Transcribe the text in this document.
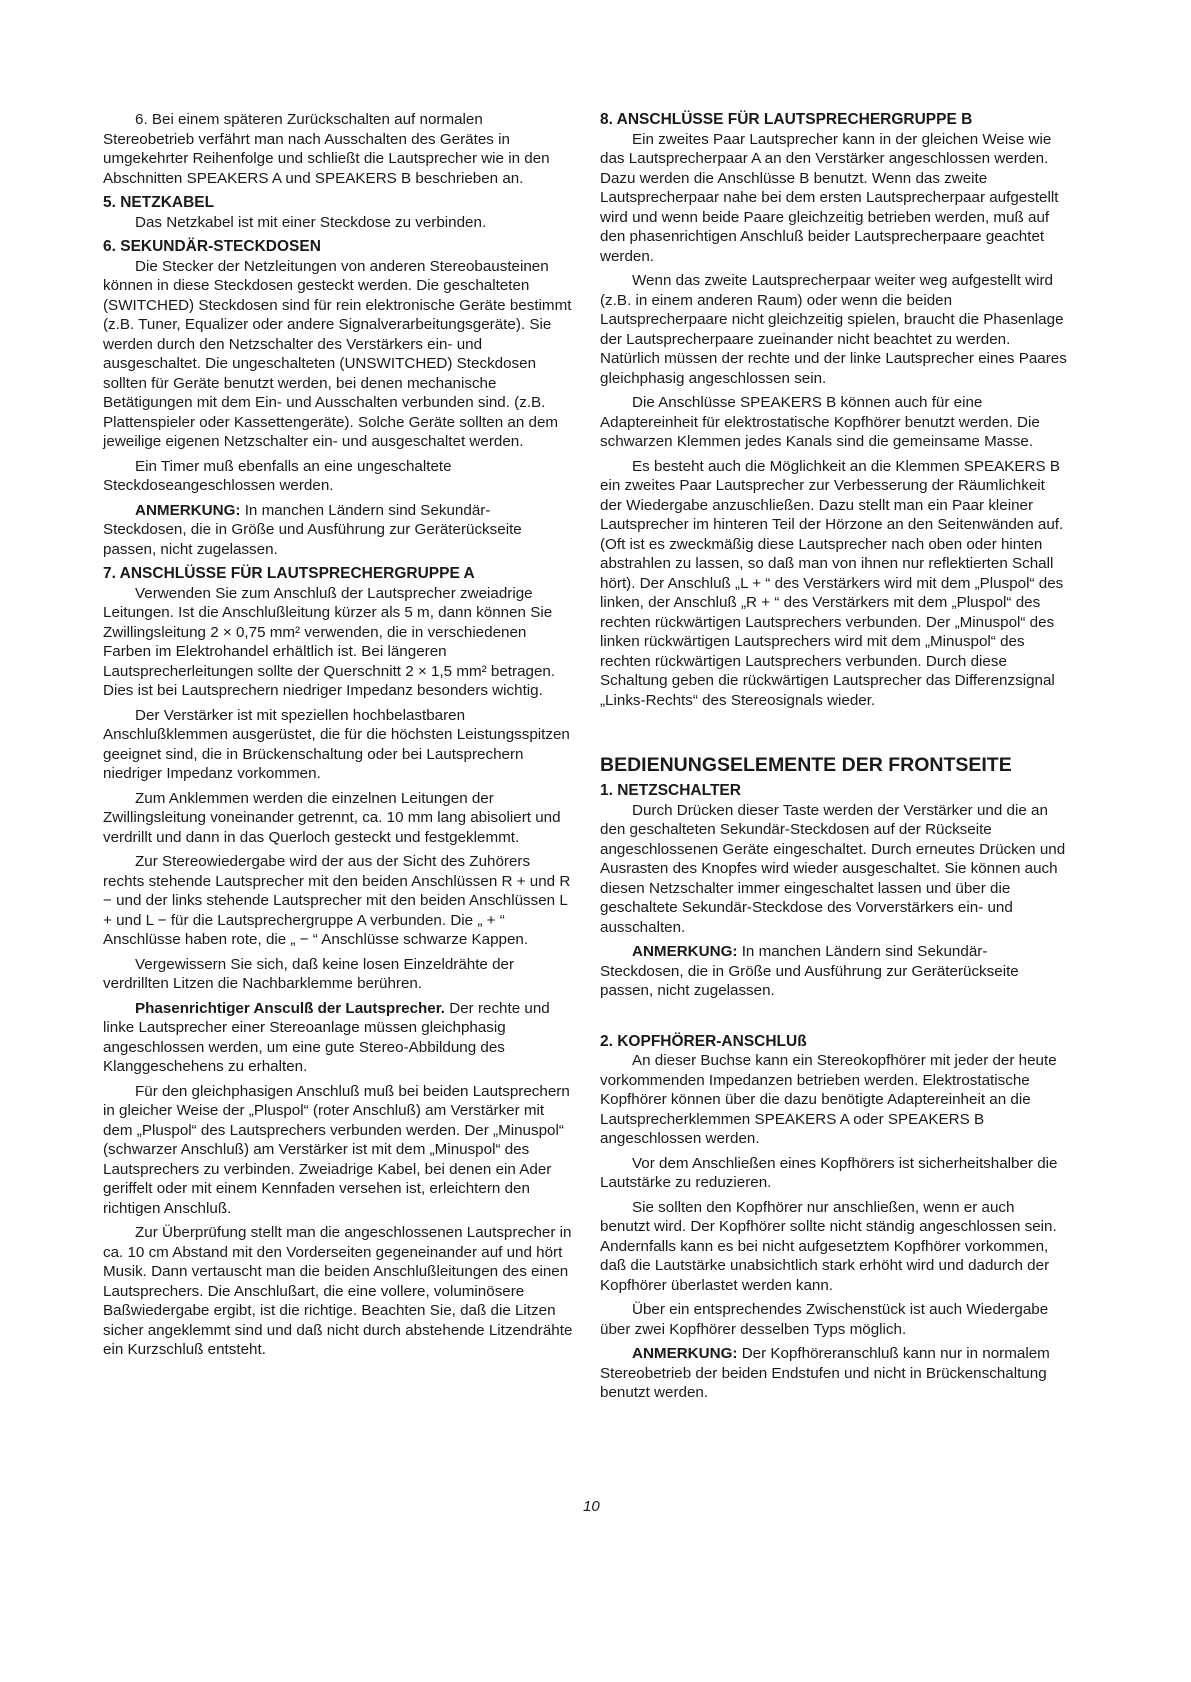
6. Bei einem späteren Zurückschalten auf normalen Stereobetrieb verfährt man nach Ausschalten des Gerätes in umgekehrter Reihenfolge und schließt die Lautsprecher wie in den Abschnitten SPEAKERS A und SPEAKERS B beschrieben an.

5. NETZKABEL

Das Netzkabel ist mit einer Steckdose zu verbinden.

6. SEKUNDÄR-STECKDOSEN

Die Stecker der Netzleitungen von anderen Stereobausteinen können in diese Steckdosen gesteckt werden. Die geschalteten (SWITCHED) Steckdosen sind für rein elektronische Geräte bestimmt (z.B. Tuner, Equalizer oder andere Signalverarbeitungsgeräte). Sie werden durch den Netzschalter des Verstärkers ein- und ausgeschaltet. Die ungeschalteten (UNSWITCHED) Steckdosen sollten für Geräte benutzt werden, bei denen mechanische Betätigungen mit dem Ein- und Ausschalten verbunden sind. (z.B. Plattenspieler oder Kassettengeräte). Solche Geräte sollten an dem jeweilige eigenen Netzschalter ein- und ausgeschaltet werden.

Ein Timer muß ebenfalls an eine ungeschaltete Steckdoseangeschlossen werden.

ANMERKUNG: In manchen Ländern sind Sekundär-Steckdosen, die in Größe und Ausführung zur Geräterückseite passen, nicht zugelassen.

7. ANSCHLÜSSE FÜR LAUTSPRECHERGRUPPE A

Verwenden Sie zum Anschluß der Lautsprecher zweiadrige Leitungen. Ist die Anschlußleitung kürzer als 5 m, dann können Sie Zwillingsleitung 2 × 0,75 mm² verwenden, die in verschiedenen Farben im Elektrohandel erhältlich ist. Bei längeren Lautsprecherleitungen sollte der Querschnitt 2 × 1,5 mm² betragen. Dies ist bei Lautsprechern niedriger Impedanz besonders wichtig.

Der Verstärker ist mit speziellen hochbelastbaren Anschlußklemmen ausgerüstet, die für die höchsten Leistungsspitzen geeignet sind, die in Brückenschaltung oder bei Lautsprechern niedriger Impedanz vorkommen.

Zum Anklemmen werden die einzelnen Leitungen der Zwillingsleitung voneinander getrennt, ca. 10 mm lang abisoliert und verdrillt und dann in das Querloch gesteckt und festgeklemmt.

Zur Stereowiedergabe wird der aus der Sicht des Zuhörers rechts stehende Lautsprecher mit den beiden Anschlüssen R + und R − und der links stehende Lautsprecher mit den beiden Anschlüssen L + und L − für die Lautsprechergruppe A verbunden. Die „ + “ Anschlüsse haben rote, die „ − “ Anschlüsse schwarze Kappen.

Vergewissern Sie sich, daß keine losen Einzeldrähte der verdrillten Litzen die Nachbarklemme berühren.

Phasenrichtiger Ansculß der Lautsprecher. Der rechte und linke Lautsprecher einer Stereoanlage müssen gleichphasig angeschlossen werden, um eine gute Stereo-Abbildung des Klanggeschehens zu erhalten.

Für den gleichphasigen Anschluß muß bei beiden Lautsprechern in gleicher Weise der „Pluspol“ (roter Anschluß) am Verstärker mit dem „Pluspol“ des Lautsprechers verbunden werden. Der „Minuspol“ (schwarzer Anschluß) am Verstärker ist mit dem „Minuspol“ des Lautsprechers zu verbinden. Zweiadrige Kabel, bei denen ein Ader geriffelt oder mit einem Kennfaden versehen ist, erleichtern den richtigen Anschluß.

Zur Überprüfung stellt man die angeschlossenen Lautsprecher in ca. 10 cm Abstand mit den Vorderseiten gegeneinander auf und hört Musik. Dann vertauscht man die beiden Anschlußleitungen des einen Lautsprechers. Die Anschlußart, die eine vollere, voluminösere Baßwiedergabe ergibt, ist die richtige. Beachten Sie, daß die Litzen sicher angeklemmt sind und daß nicht durch abstehende Litzendrähte ein Kurzschluß entsteht.

8. ANSCHLÜSSE FÜR LAUTSPRECHERGRUPPE B

Ein zweites Paar Lautsprecher kann in der gleichen Weise wie das Lautsprecherpaar A an den Verstärker angeschlossen werden. Dazu werden die Anschlüsse B benutzt. Wenn das zweite Lautsprecherpaar nahe bei dem ersten Lautsprecherpaar aufgestellt wird und wenn beide Paare gleichzeitig betrieben werden, muß auf den phasenrichtigen Anschluß beider Lautsprecherpaare geachtet werden.

Wenn das zweite Lautsprecherpaar weiter weg aufgestellt wird (z.B. in einem anderen Raum) oder wenn die beiden Lautsprecherpaare nicht gleichzeitig spielen, braucht die Phasenlage der Lautsprecherpaare zueinander nicht beachtet zu werden. Natürlich müssen der rechte und der linke Lautsprecher eines Paares gleichphasig angeschlossen sein.

Die Anschlüsse SPEAKERS B können auch für eine Adaptereinheit für elektrostatische Kopfhörer benutzt werden. Die schwarzen Klemmen jedes Kanals sind die gemeinsame Masse.

Es besteht auch die Möglichkeit an die Klemmen SPEAKERS B ein zweites Paar Lautsprecher zur Verbesserung der Räumlichkeit der Wiedergabe anzuschließen. Dazu stellt man ein Paar kleiner Lautsprecher im hinteren Teil der Hörzone an den Seitenwänden auf. (Oft ist es zweckmäßig diese Lautsprecher nach oben oder hinten abstrahlen zu lassen, so daß man von ihnen nur reflektierten Schall hört). Der Anschluß „L + “ des Verstärkers wird mit dem „Pluspol“ des linken, der Anschluß „R + “ des Verstärkers mit dem „Pluspol“ des rechten rückwärtigen Lautsprechers verbunden. Der „Minuspol“ des linken rückwärtigen Lautsprechers wird mit dem „Minuspol“ des rechten rückwärtigen Lautsprechers verbunden. Durch diese Schaltung geben die rückwärtigen Lautsprecher das Differenzsignal „Links-Rechts“ des Stereosignals wieder.

BEDIENUNGSELEMENTE DER FRONTSEITE
1. NETZSCHALTER

Durch Drücken dieser Taste werden der Verstärker und die an den geschalteten Sekundär-Steckdosen auf der Rückseite angeschlossenen Geräte eingeschaltet. Durch erneutes Drücken und Ausrasten des Knopfes wird wieder ausgeschaltet. Sie können auch diesen Netzschalter immer eingeschaltet lassen und über die geschaltete Sekundär-Steckdose des Vorverstärkers ein- und ausschalten.

ANMERKUNG: In manchen Ländern sind Sekundär-Steckdosen, die in Größe und Ausführung zur Geräterückseite passen, nicht zugelassen.

2. KOPFHÖRER-ANSCHLUß

An dieser Buchse kann ein Stereokopfhörer mit jeder der heute vorkommenden Impedanzen betrieben werden. Elektrostatische Kopfhörer können über die dazu benötigte Adaptereinheit an die Lautsprecherklemmen SPEAKERS A oder SPEAKERS B angeschlossen werden.

Vor dem Anschließen eines Kopfhörers ist sicherheitshalber die Lautstärke zu reduzieren.

Sie sollten den Kopfhörer nur anschließen, wenn er auch benutzt wird. Der Kopfhörer sollte nicht ständig angeschlossen sein. Andernfalls kann es bei nicht aufgesetztem Kopfhörer vorkommen, daß die Lautstärke unabsichtlich stark erhöht wird und dadurch der Kopfhörer überlastet werden kann.

Über ein entsprechendes Zwischenstück ist auch Wiedergabe über zwei Kopfhörer desselben Typs möglich.

ANMERKUNG: Der Kopfhöreranschluß kann nur in normalem Stereobetrieb der beiden Endstufen und nicht in Brückenschaltung benutzt werden.

10
